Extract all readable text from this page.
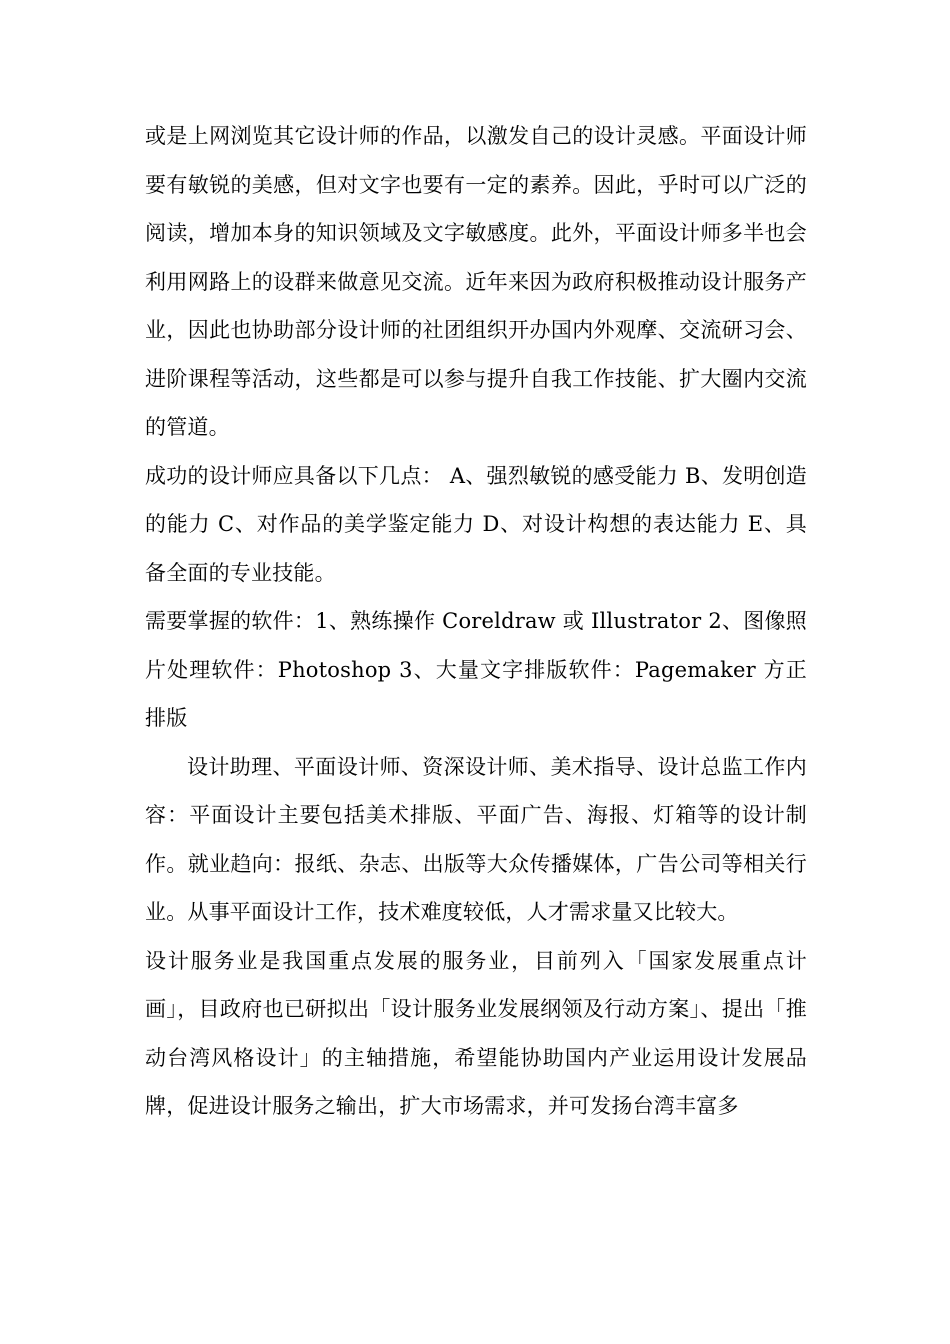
或是上网浏览其它设计师的作品，以激发自己的设计灵感。平面设计师要有敏锐的美感，但对文字也要有一定的素养。因此，乎时可以广泛的阅读，增加本身的知识领域及文字敏感度。此外，平面设计师多半也会利用网路上的设群来做意见交流。近年来因为政府积极推动设计服务产业，因此也协助部分设计师的社团组织开办国内外观摩、交流研习会、进阶课程等活动，这些都是可以参与提升自我工作技能、扩大圈内交流的管道。

成功的设计师应具备以下几点： A、强烈敏锐的感受能力 B、发明创造的能力 C、对作品的美学鉴定能力 D、对设计构想的表达能力 E、具备全面的专业技能。

需要掌握的软件：1、熟练操作 Coreldraw 或 Illustrator 2、图像照片处理软件：Photoshop 3、大量文字排版软件：Pagemaker 方正排版

设计助理、平面设计师、资深设计师、美术指导、设计总监工作内容：平面设计主要包括美术排版、平面广告、海报、灯箱等的设计制作。就业趋向：报纸、杂志、出版等大众传播媒体，广告公司等相关行业。从事平面设计工作，技术难度较低，人才需求量又比较大。

设计服务业是我国重点发展的服务业，目前列入「国家发展重点计画」，目政府也已研拟出「设计服务业发展纲领及行动方案」、提出「推动台湾风格设计」的主轴措施，希望能协助国内产业运用设计发展品牌，促进设计服务之输出，扩大市场需求，并可发扬台湾丰富多
